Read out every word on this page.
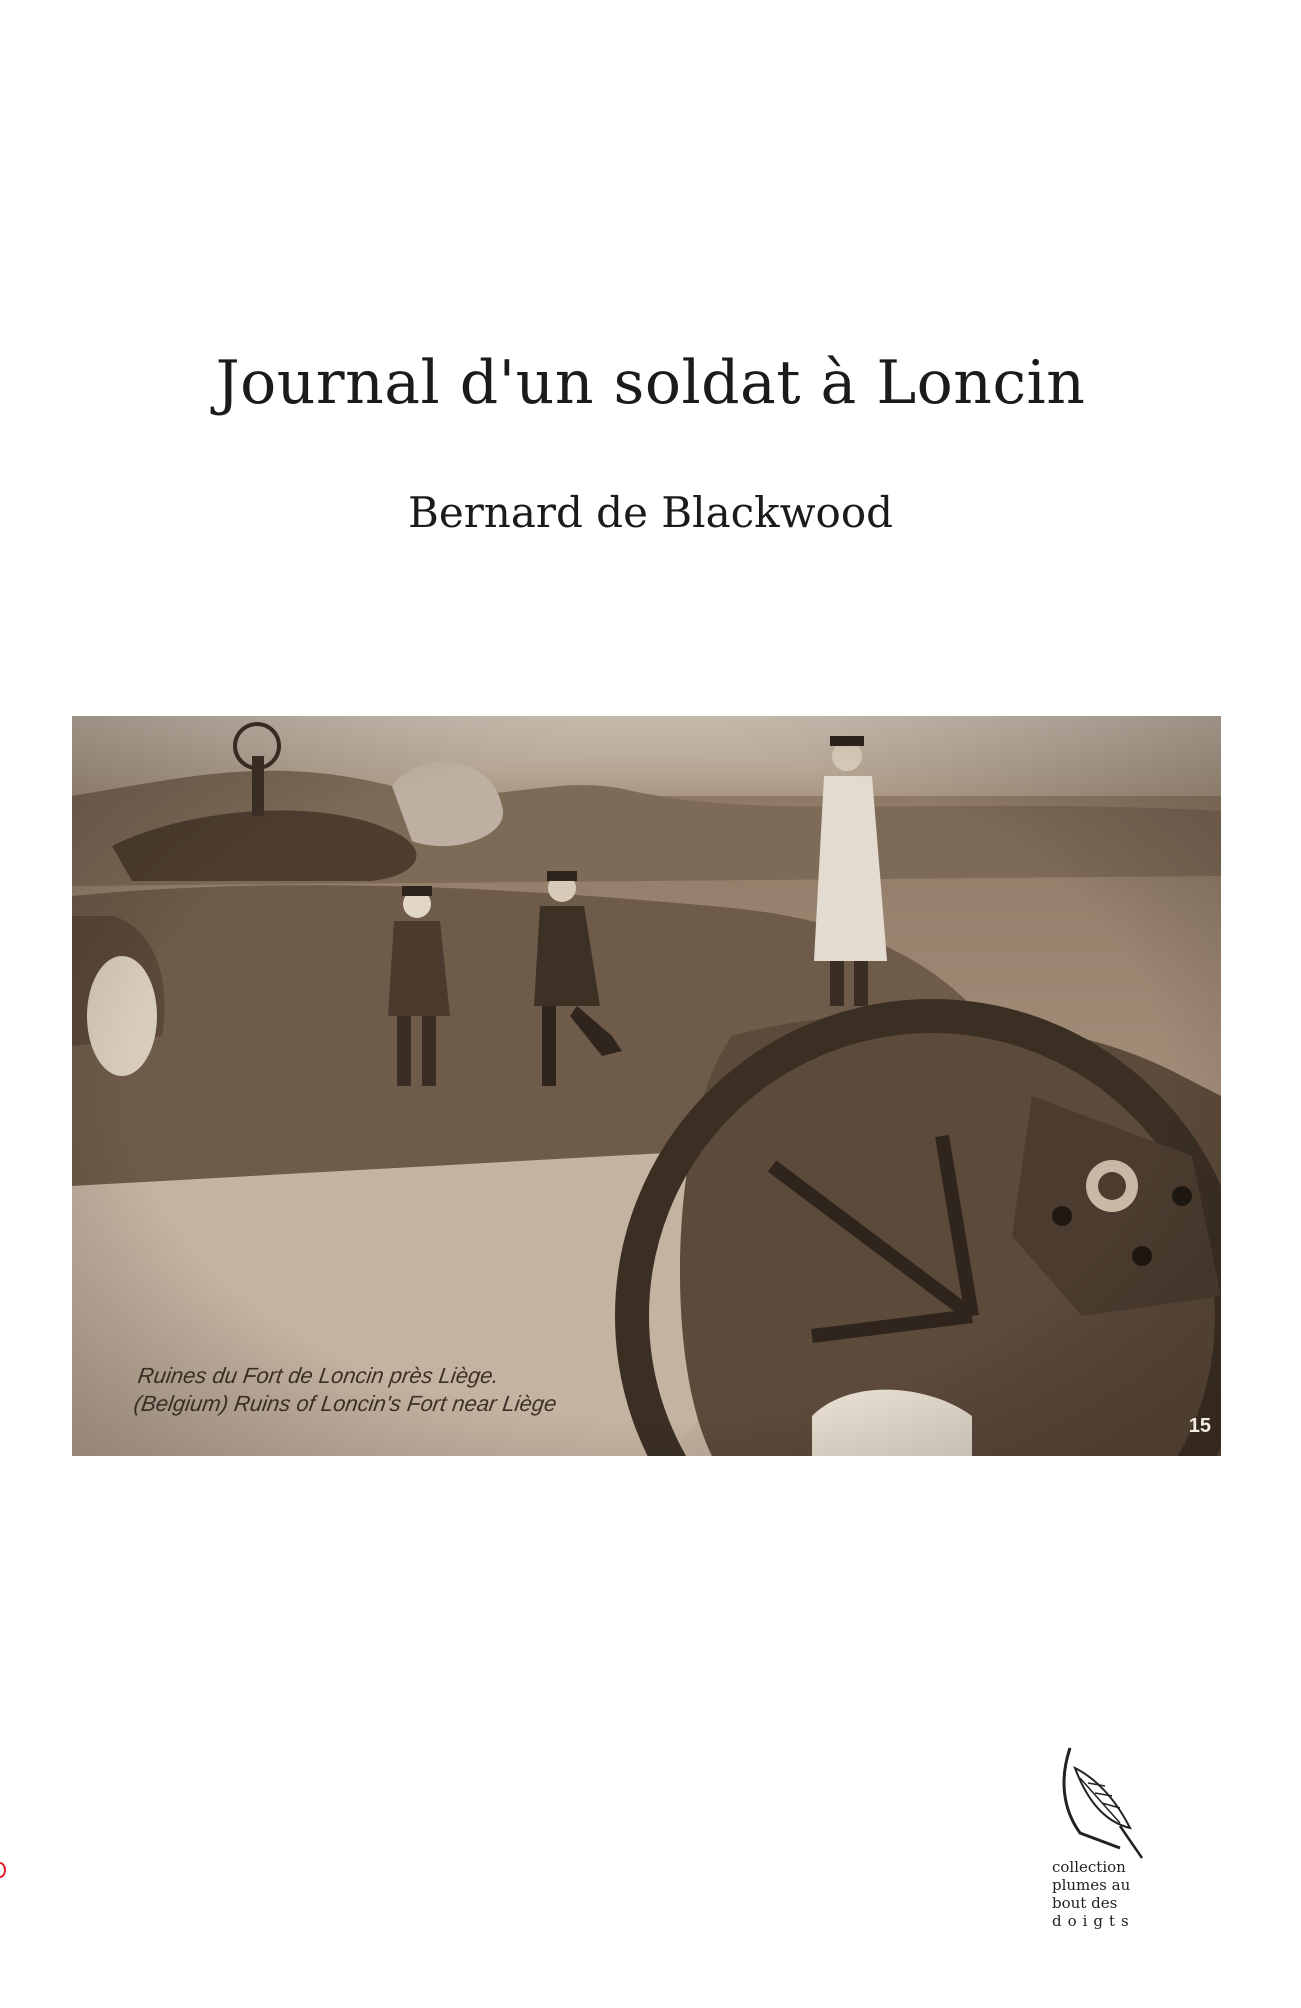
Journal d'un soldat à Loncin
Bernard de Blackwood
Ruines du Fort de Loncin près Liège.
(Belgium) Ruins of Loncin's Fort near Liège
15
collection
plumes au
bout des
doigts
